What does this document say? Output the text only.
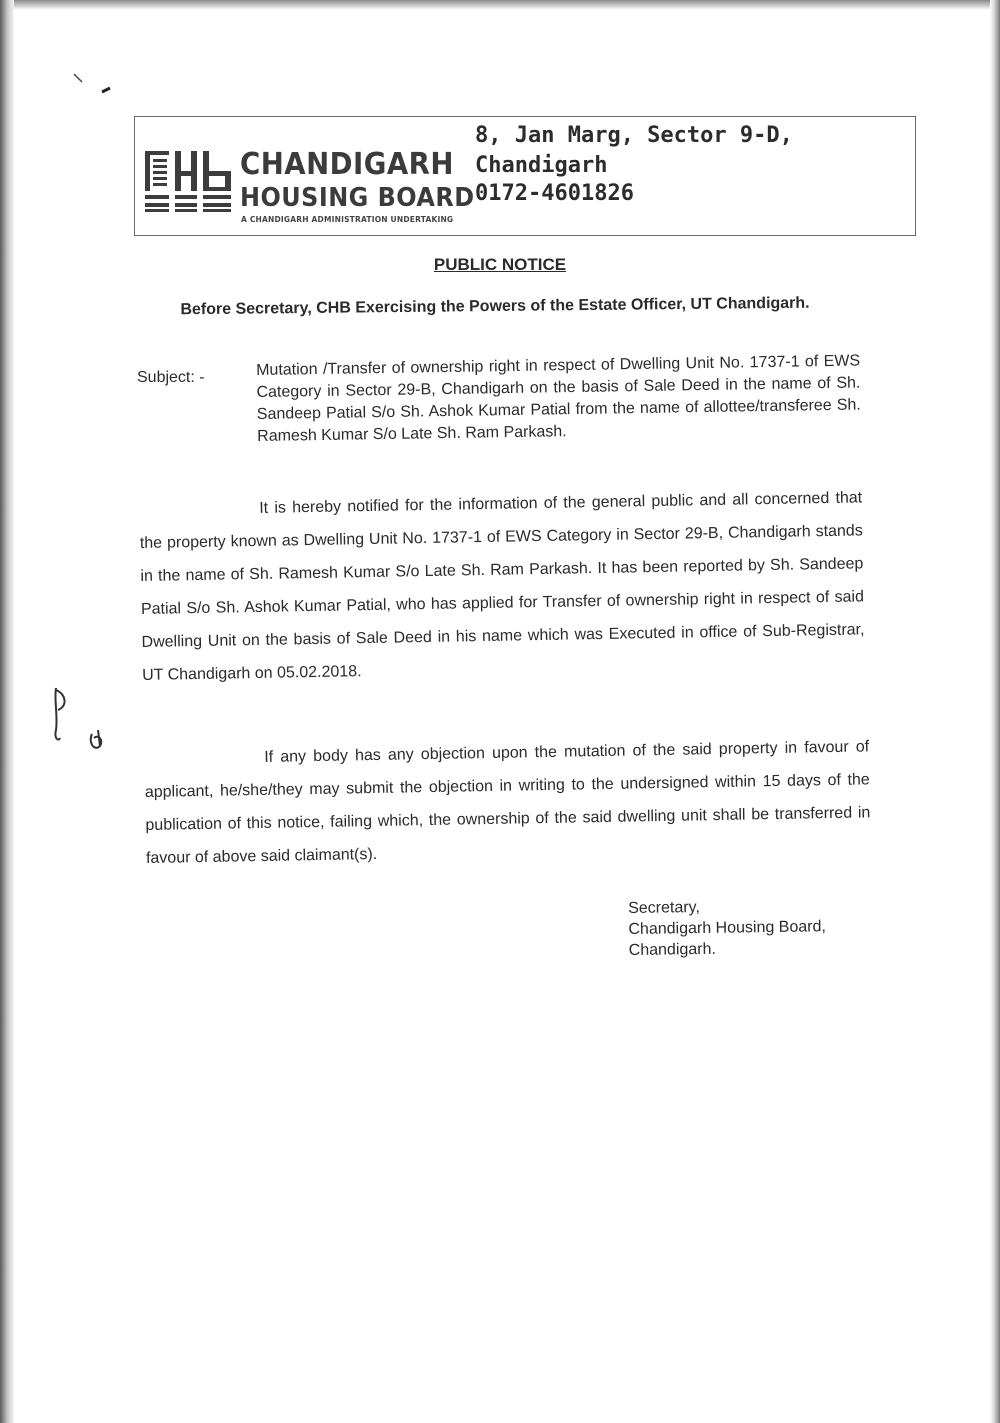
CHANDIGARH
HOUSING BOARD
A CHANDIGARH ADMINISTRATION UNDERTAKING
8, Jan Marg, Sector 9-D,
Chandigarh
0172-4601826
PUBLIC NOTICE
Before Secretary, CHB Exercising the Powers of the Estate Officer, UT Chandigarh.
Subject: -	Mutation /Transfer of ownership right in respect of Dwelling Unit No. 1737-1 of EWS Category in Sector 29-B, Chandigarh on the basis of Sale Deed in the name of Sh. Sandeep Patial S/o Sh. Ashok Kumar Patial from the name of allottee/transferee Sh. Ramesh Kumar S/o Late Sh. Ram Parkash.
It is hereby notified for the information of the general public and all concerned that the property known as Dwelling Unit No. 1737-1 of EWS Category in Sector 29-B, Chandigarh stands in the name of Sh. Ramesh Kumar S/o Late Sh. Ram Parkash. It has been reported by Sh. Sandeep Patial S/o Sh. Ashok Kumar Patial, who has applied for Transfer of ownership right in respect of said Dwelling Unit on the basis of Sale Deed in his name which was Executed in office of Sub-Registrar, UT Chandigarh on 05.02.2018.
If any body has any objection upon the mutation of the said property in favour of applicant, he/she/they may submit the objection in writing to the undersigned within 15 days of the publication of this notice, failing which, the ownership of the said dwelling unit shall be transferred in favour of above said claimant(s).
Secretary,
Chandigarh Housing Board,
Chandigarh.
